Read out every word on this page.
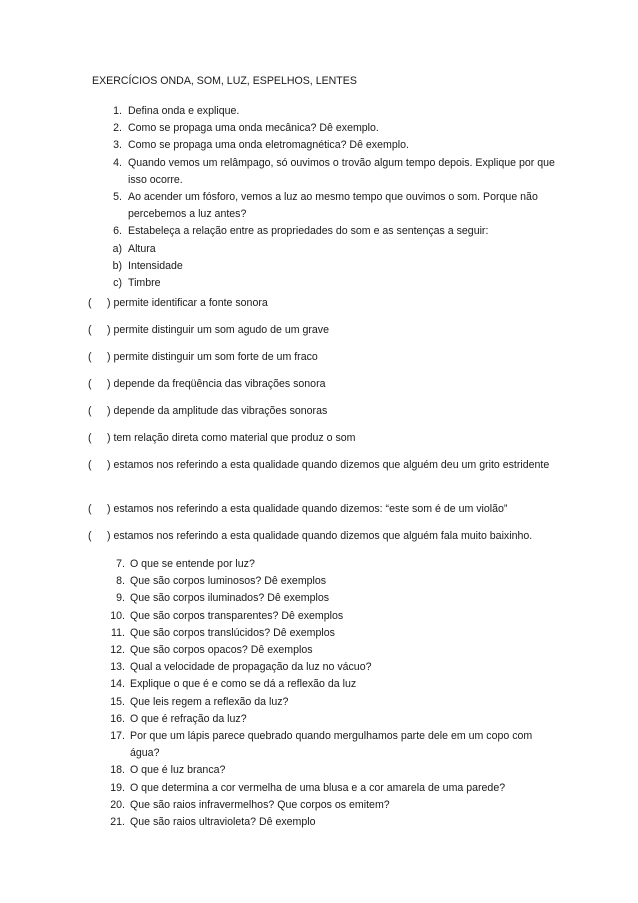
EXERCÍCIOS ONDA, SOM, LUZ, ESPELHOS, LENTES
1. Defina onda e explique.
2. Como se propaga uma onda mecânica? Dê exemplo.
3. Como se propaga uma onda eletromagnética? Dê exemplo.
4. Quando vemos um relâmpago, só ouvimos o trovão algum tempo depois. Explique por que isso ocorre.
5. Ao acender um fósforo, vemos a luz ao mesmo tempo que ouvimos o som. Porque não percebemos a luz antes?
6. Estabeleça a relação entre as propriedades do som e as sentenças a seguir:
a) Altura
b) Intensidade
c) Timbre
( ) permite identificar a fonte sonora
( ) permite distinguir um som agudo de um grave
( ) permite distinguir um som forte de um fraco
( ) depende da freqüência das vibrações sonora
( ) depende da amplitude das vibrações sonoras
( ) tem relação direta como material que produz o som
( ) estamos nos referindo a esta qualidade quando dizemos que alguém deu um grito estridente
( ) estamos nos referindo a esta qualidade quando dizemos: “este som é de um violão”
( ) estamos nos referindo a esta qualidade quando dizemos que alguém fala muito baixinho.
7. O que se entende por luz?
8. Que são corpos luminosos? Dê exemplos
9. Que são corpos iluminados? Dê exemplos
10. Que são corpos transparentes? Dê exemplos
11. Que são corpos translúcidos? Dê exemplos
12. Que são corpos opacos? Dê exemplos
13. Qual a velocidade de propagação da luz no vácuo?
14. Explique o que é e como se dá a reflexão da luz
15. Que leis regem a reflexão da luz?
16. O que é refração da luz?
17. Por que um lápis parece quebrado quando mergulhamos parte dele em um copo com água?
18. O que é luz branca?
19. O que determina a cor vermelha de uma blusa e a cor amarela de uma parede?
20. Que são raios infravermelhos? Que corpos os emitem?
21. Que são raios ultravioleta? Dê exemplo
